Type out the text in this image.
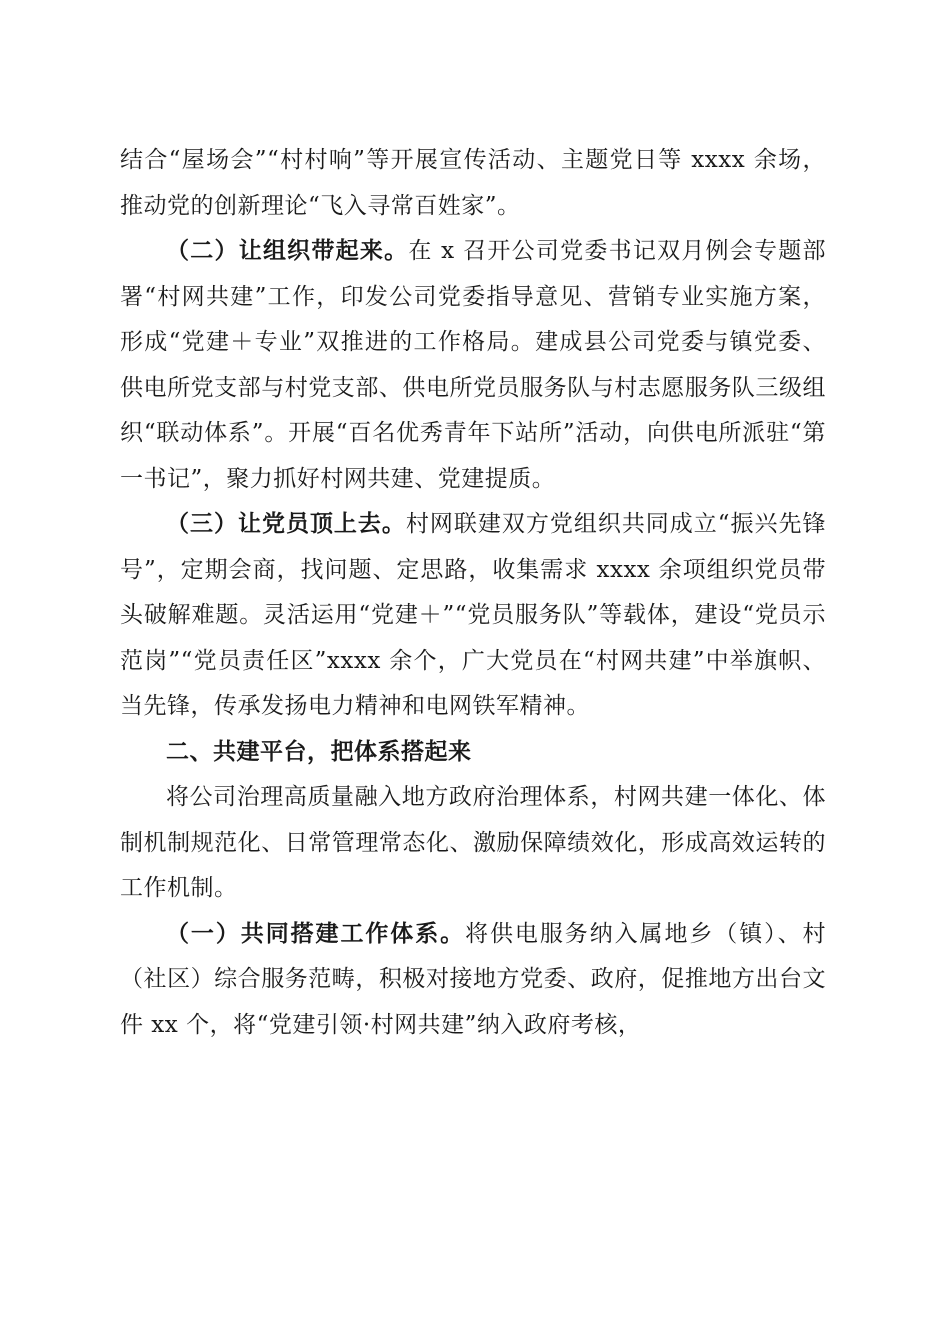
结合“屋场会”“村村响”等开展宣传活动、主题党日等 xxxx 余场，推动党的创新理论“飞入寻常百姓家”。

（二）让组织带起来。在 x 召开公司党委书记双月例会专题部署“村网共建”工作，印发公司党委指导意见、营销专业实施方案，形成“党建＋专业”双推进的工作格局。建成县公司党委与镇党委、供电所党支部与村党支部、供电所党员服务队与村志愿服务队三级组织“联动体系”。开展“百名优秀青年下站所”活动，向供电所派驻“第一书记”，聚力抓好村网共建、党建提质。

（三）让党员顶上去。村网联建双方党组织共同成立“振兴先锋号”，定期会商，找问题、定思路，收集需求 xxxx 余项组织党员带头破解难题。灵活运用“党建＋”“党员服务队”等载体，建设“党员示范岗”“党员责任区”xxxx 余个，广大党员在“村网共建”中举旗帜、当先锋，传承发扬电力精神和电网铁军精神。

二、共建平台，把体系搭起来

将公司治理高质量融入地方政府治理体系，村网共建一体化、体制机制规范化、日常管理常态化、激励保障绩效化，形成高效运转的工作机制。

（一）共同搭建工作体系。将供电服务纳入属地乡（镇）、村（社区）综合服务范畴，积极对接地方党委、政府，促推地方出台文件 xx 个，将“党建引领·村网共建”纳入政府考核，
